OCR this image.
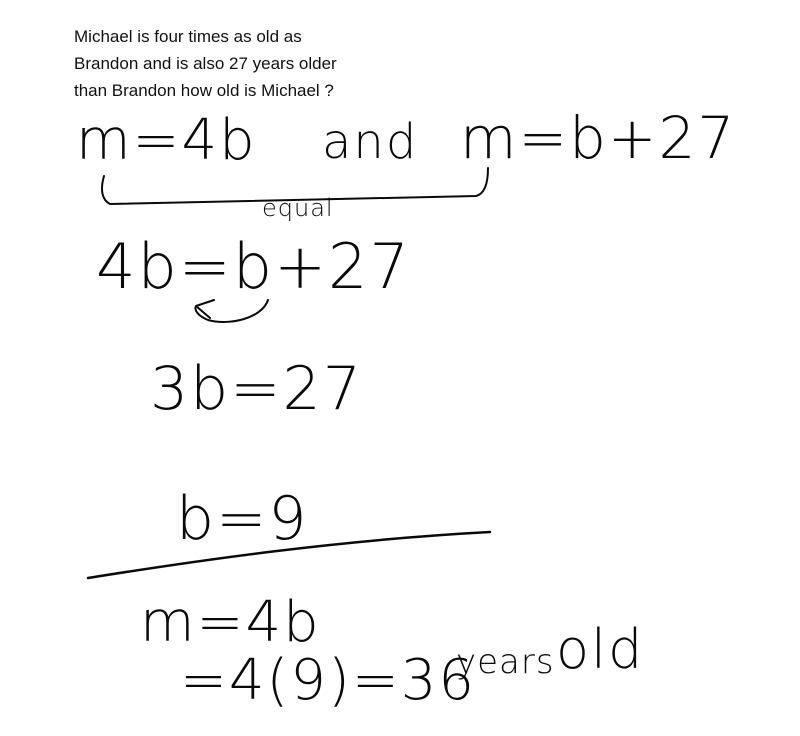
Michael is four times as old as
Brandon and is also 27 years older
than Brandon how old is Michael ?
m=4b and m=b+27
equal
4b=b+27
3b=27
b=9
m=4b
=4(9)=36
years old
